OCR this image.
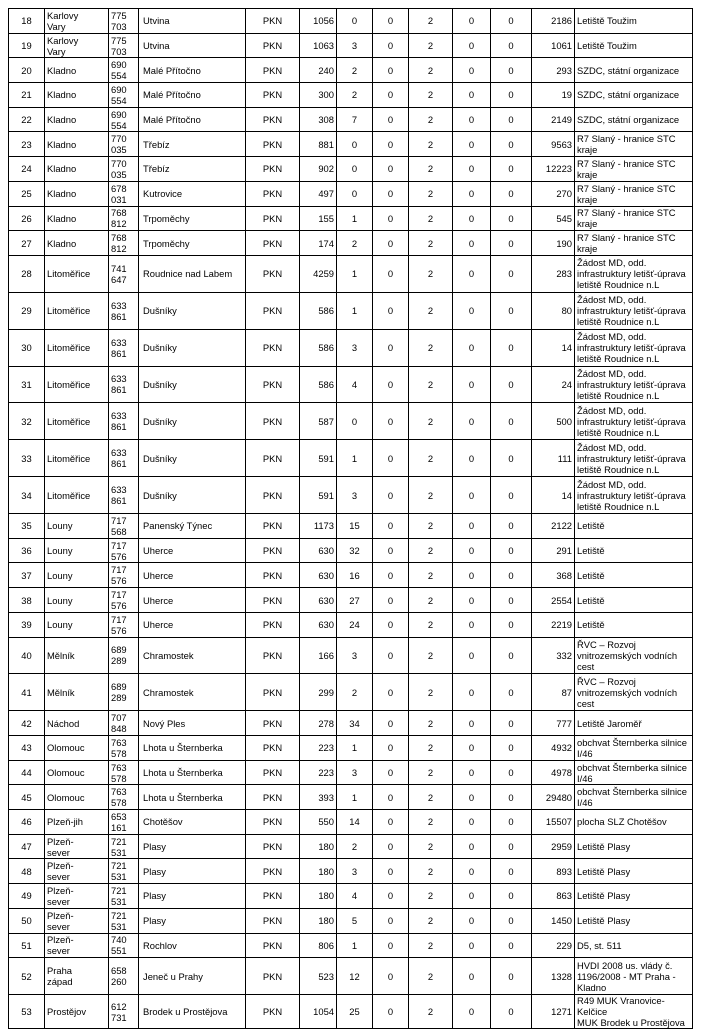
18	Karlovy
Vary	775
703	Utvina	PKN	1056	0	0	2	0	0	2186	Letiště Toužim
19	Karlovy
Vary	775
703	Utvina	PKN	1063	3	0	2	0	0	1061	Letiště Toužim
20	Kladno	690
554	Malé Přítočno	PKN	240	2	0	2	0	0	293	SZDC, státní organizace
21	Kladno	690
554	Malé Přítočno	PKN	300	2	0	2	0	0	19	SZDC, státní organizace
22	Kladno	690
554	Malé Přítočno	PKN	308	7	0	2	0	0	2149	SZDC, státní organizace
23	Kladno	770
035	Třebíz	PKN	881	0	0	2	0	0	9563	R7 Slaný - hranice STC
kraje
24	Kladno	770
035	Třebíz	PKN	902	0	0	2	0	0	12223	R7 Slaný - hranice STC
kraje
25	Kladno	678
031	Kutrovice	PKN	497	0	0	2	0	0	270	R7 Slaný - hranice STC
kraje
26	Kladno	768
812	Trpoměchy	PKN	155	1	0	2	0	0	545	R7 Slaný - hranice STC
kraje
27	Kladno	768
812	Trpoměchy	PKN	174	2	0	2	0	0	190	R7 Slaný - hranice STC
kraje
28	Litoměřice	741
647	Roudnice nad Labem	PKN	4259	1	0	2	0	0	283	Žádost MD, odd.
infrastruktury letišť-úprava
letiště Roudnice n.L
29	Litoměřice	633
861	Dušníky	PKN	586	1	0	2	0	0	80	Žádost MD, odd.
infrastruktury letišť-úprava
letiště Roudnice n.L
30	Litoměřice	633
861	Dušníky	PKN	586	3	0	2	0	0	14	Žádost MD, odd.
infrastruktury letišť-úprava
letiště Roudnice n.L
31	Litoměřice	633
861	Dušníky	PKN	586	4	0	2	0	0	24	Žádost MD, odd.
infrastruktury letišť-úprava
letiště Roudnice n.L
32	Litoměřice	633
861	Dušníky	PKN	587	0	0	2	0	0	500	Žádost MD, odd.
infrastruktury letišť-úprava
letiště Roudnice n.L
33	Litoměřice	633
861	Dušníky	PKN	591	1	0	2	0	0	111	Žádost MD, odd.
infrastruktury letišť-úprava
letiště Roudnice n.L
34	Litoměřice	633
861	Dušníky	PKN	591	3	0	2	0	0	14	Žádost MD, odd.
infrastruktury letišť-úprava
letiště Roudnice n.L
35	Louny	717
568	Panenský Týnec	PKN	1173	15	0	2	0	0	2122	Letiště
36	Louny	717
576	Uherce	PKN	630	32	0	2	0	0	291	Letiště
37	Louny	717
576	Uherce	PKN	630	16	0	2	0	0	368	Letiště
38	Louny	717
576	Uherce	PKN	630	27	0	2	0	0	2554	Letiště
39	Louny	717
576	Uherce	PKN	630	24	0	2	0	0	2219	Letiště
40	Mělník	689
289	Chramostek	PKN	166	3	0	2	0	0	332	ŘVC – Rozvoj
vnitrozemských vodních
cest
41	Mělník	689
289	Chramostek	PKN	299	2	0	2	0	0	87	ŘVC – Rozvoj
vnitrozemských vodních
cest
42	Náchod	707
848	Nový Ples	PKN	278	34	0	2	0	0	777	Letiště Jaroměř
43	Olomouc	763
578	Lhota u Šternberka	PKN	223	1	0	2	0	0	4932	obchvat Šternberka silnice
I/46
44	Olomouc	763
578	Lhota u Šternberka	PKN	223	3	0	2	0	0	4978	obchvat Šternberka silnice
I/46
45	Olomouc	763
578	Lhota u Šternberka	PKN	393	1	0	2	0	0	29480	obchvat Šternberka silnice
I/46
46	Plzeň-jih	653
161	Chotěšov	PKN	550	14	0	2	0	0	15507	plocha SLZ Chotěšov
47	Plzeň-
sever	721
531	Plasy	PKN	180	2	0	2	0	0	2959	Letiště Plasy
48	Plzeň-
sever	721
531	Plasy	PKN	180	3	0	2	0	0	893	Letiště Plasy
49	Plzeň-
sever	721
531	Plasy	PKN	180	4	0	2	0	0	863	Letiště Plasy
50	Plzeň-
sever	721
531	Plasy	PKN	180	5	0	2	0	0	1450	Letiště Plasy
51	Plzeň-
sever	740
551	Rochlov	PKN	806	1	0	2	0	0	229	D5, st. 511
52	Praha
západ	658
260	Jeneč u Prahy	PKN	523	12	0	2	0	0	1328	HVDI 2008 us. vlády č.
1196/2008 - MT Praha -
Kladno
53	Prostějov	612
731	Brodek u Prostějova	PKN	1054	25	0	2	0	0	1271	R49 MUK Vranovice-Kelčice
MUK Brodek u Prostějova
